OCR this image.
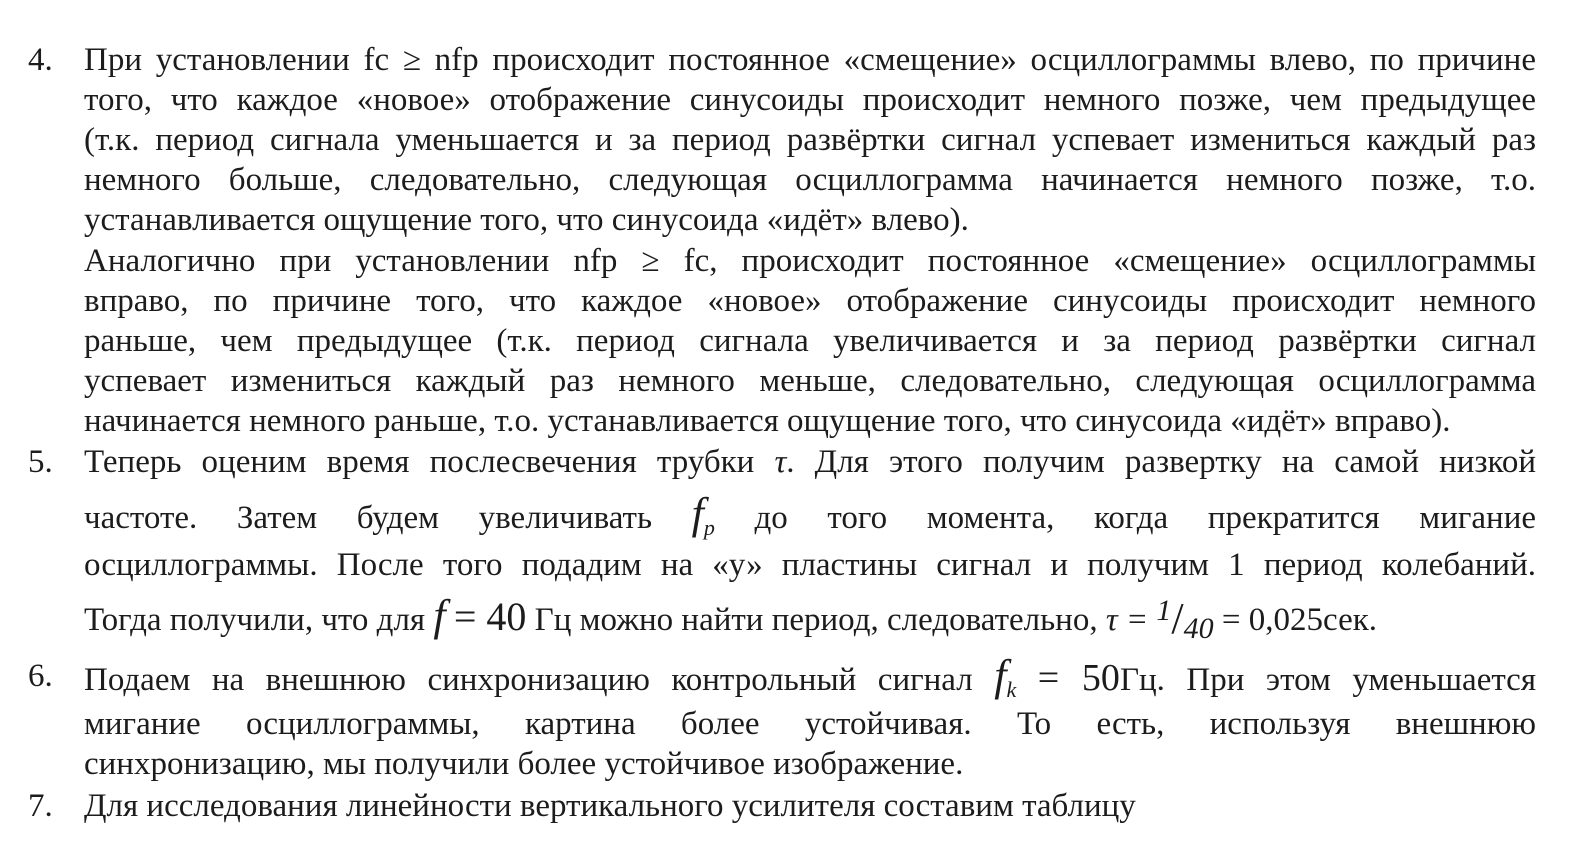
4. При установлении fс ≥ nfр происходит постоянное «смещение» осциллограммы влево, по причине
того, что каждое «новое» отображение синусоиды происходит немного позже, чем предыдущее
(т.к. период сигнала уменьшается и за период развёртки сигнал успевает измениться каждый раз
немного больше, следовательно, следующая осциллограмма начинается немного позже, т.о.
устанавливается ощущение того, что синусоида «идёт» влево).
Аналогично при установлении nfр ≥ fс, происходит постоянное «смещение» осциллограммы
вправо, по причине того, что каждое «новое» отображение синусоиды происходит немного
раньше, чем предыдущее (т.к. период сигнала увеличивается и за период развёртки сигнал
успевает измениться каждый раз немного меньше, следовательно, следующая осциллограмма
начинается немного раньше, т.о. устанавливается ощущение того, что синусоида «идёт» вправо).
5. Теперь оценим время послесвечения трубки τ. Для этого получим развертку на самой низкой
частоте. Затем будем увеличивать fp до того момента, когда прекратится мигание
осциллограммы. После того подадим на «у» пластины сигнал и получим 1 период колебаний.
Тогда получили, что для f = 40 Гц можно найти период, следовательно, τ = 1/40 = 0,025сек.
6. Подаем на внешнюю синхронизацию контрольный сигнал fk = 50Гц. При этом уменьшается
мигание осциллограммы, картина более устойчивая. То есть, используя внешнюю
синхронизацию, мы получили более устойчивое изображение.
7. Для исследования линейности вертикального усилителя составим таблицу
